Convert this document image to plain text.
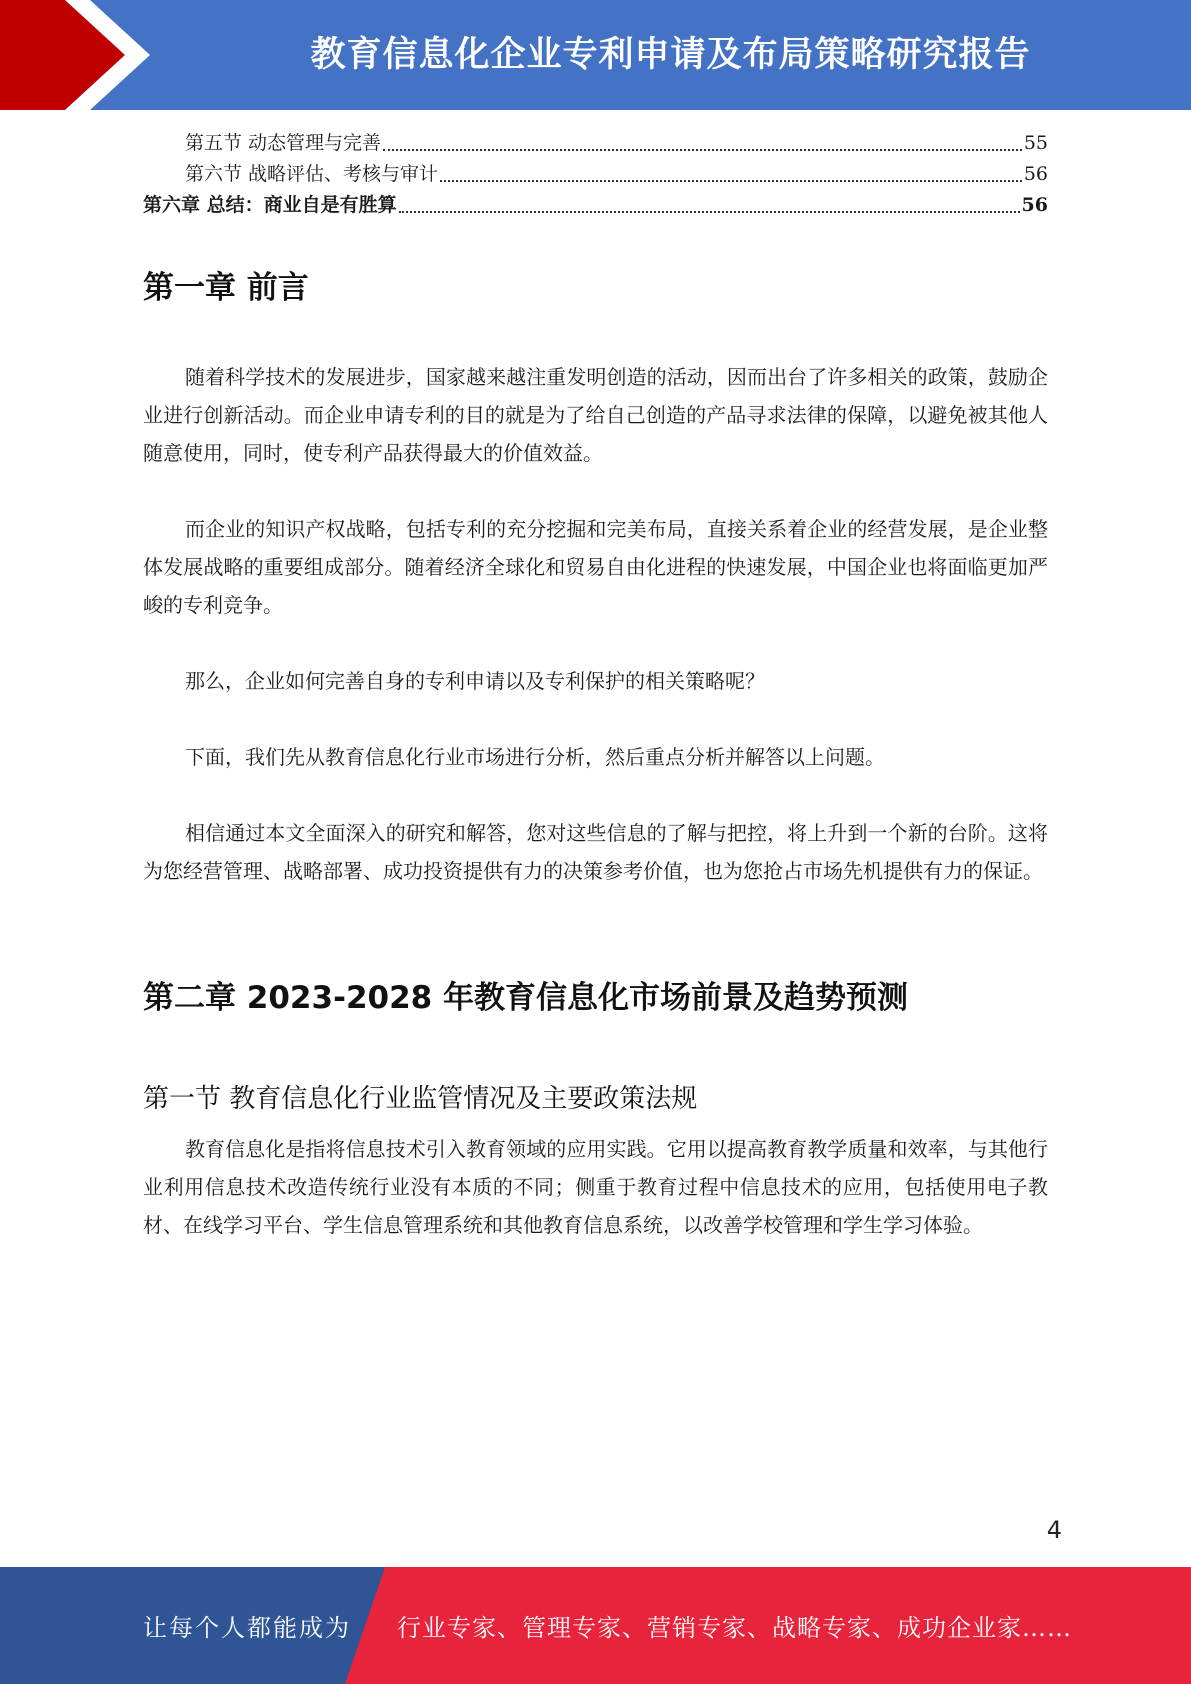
教育信息化企业专利申请及布局策略研究报告
第五节 动态管理与完善	55
第六节 战略评估、考核与审计	56
第六章 总结：商业自是有胜算	56
第一章 前言

随着科学技术的发展进步，国家越来越注重发明创造的活动，因而出台了许多相关的政策，鼓励企业进行创新活动。而企业申请专利的目的就是为了给自己创造的产品寻求法律的保障，以避免被其他人随意使用，同时，使专利产品获得最大的价值效益。

而企业的知识产权战略，包括专利的充分挖掘和完美布局，直接关系着企业的经营发展，是企业整体发展战略的重要组成部分。随着经济全球化和贸易自由化进程的快速发展，中国企业也将面临更加严峻的专利竞争。

那么，企业如何完善自身的专利申请以及专利保护的相关策略呢？

下面，我们先从教育信息化行业市场进行分析，然后重点分析并解答以上问题。

相信通过本文全面深入的研究和解答，您对这些信息的了解与把控，将上升到一个新的台阶。这将为您经营管理、战略部署、成功投资提供有力的决策参考价值，也为您抢占市场先机提供有力的保证。

第二章 2023-2028 年教育信息化市场前景及趋势预测
第一节 教育信息化行业监管情况及主要政策法规

教育信息化是指将信息技术引入教育领域的应用实践。它用以提高教育教学质量和效率，与其他行业利用信息技术改造传统行业没有本质的不同；侧重于教育过程中信息技术的应用，包括使用电子教材、在线学习平台、学生信息管理系统和其他教育信息系统，以改善学校管理和学生学习体验。

4
让每个人都能成为 行业专家、管理专家、营销专家、战略专家、成功企业家……
